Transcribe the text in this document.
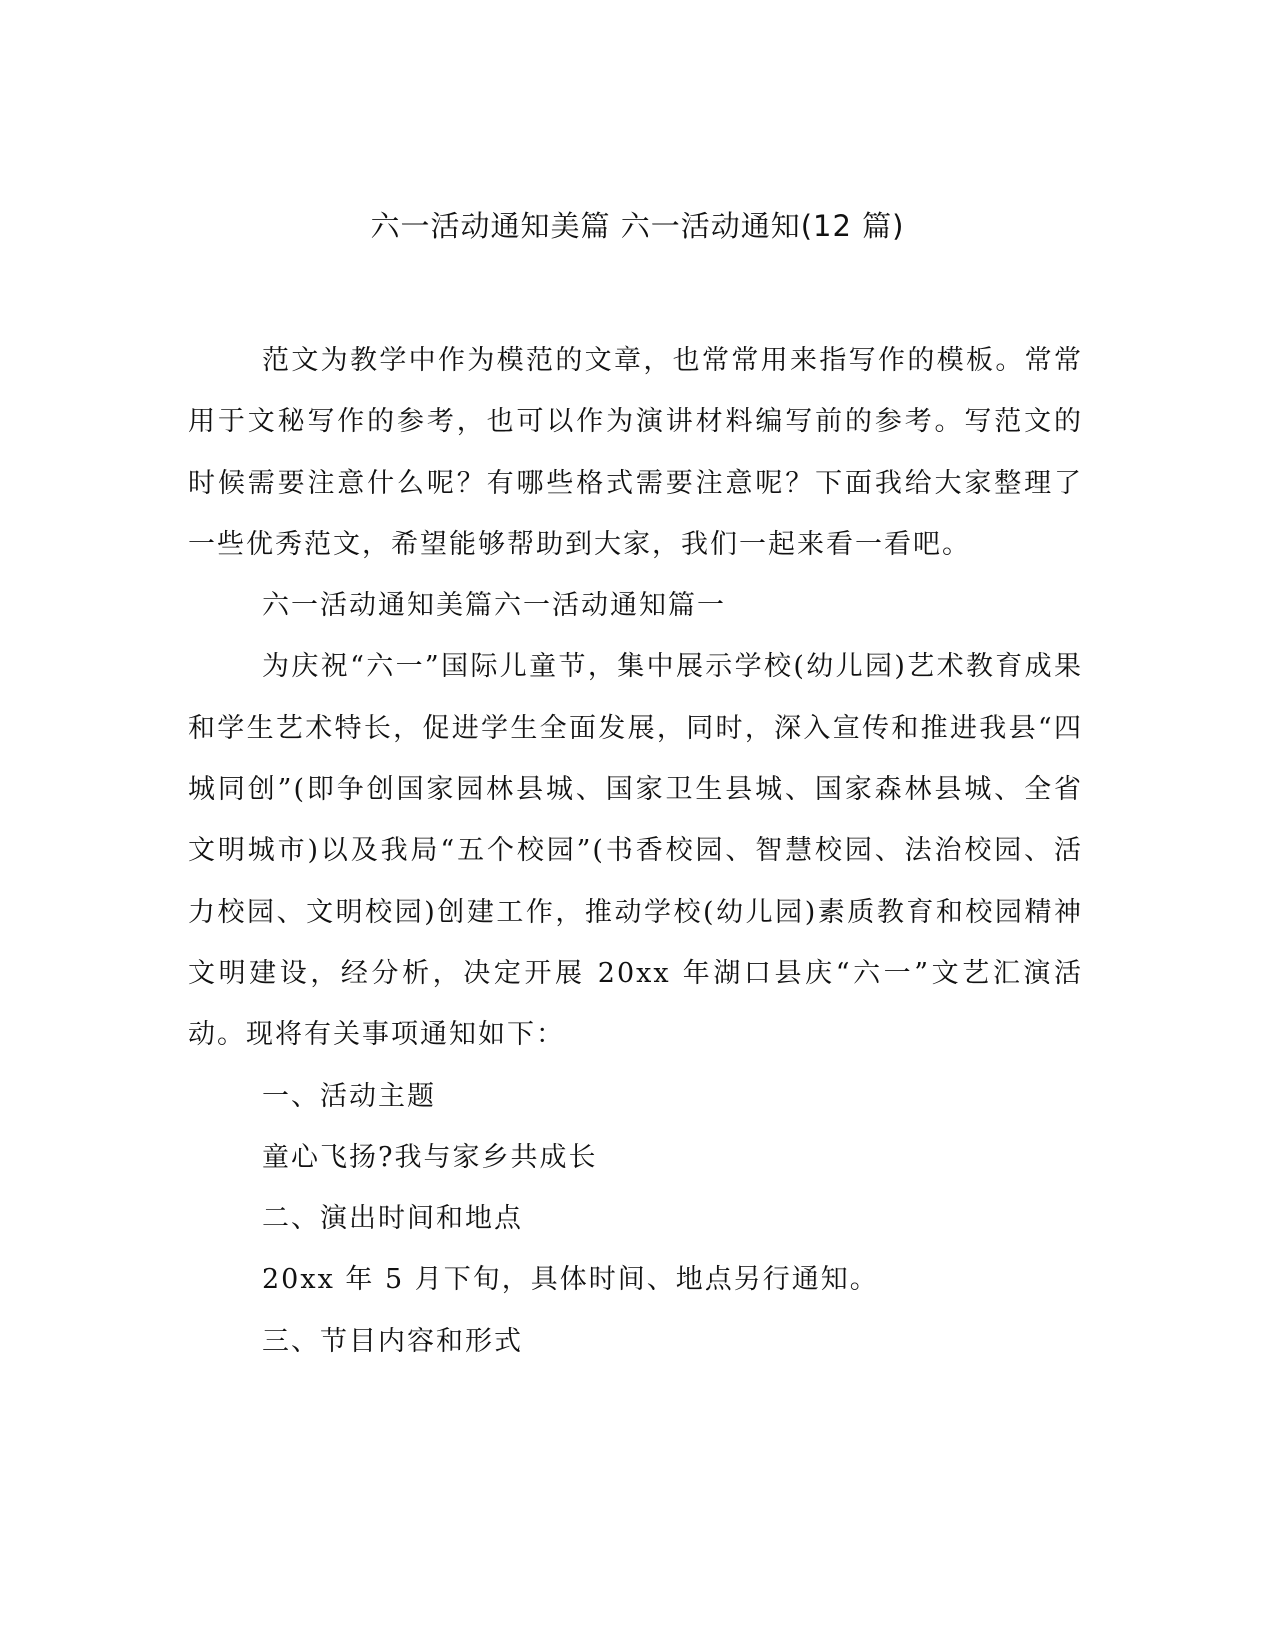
六一活动通知美篇 六一活动通知(12 篇)

范文为教学中作为模范的文章，也常常用来指写作的模板。常常用于文秘写作的参考，也可以作为演讲材料编写前的参考。写范文的时候需要注意什么呢？有哪些格式需要注意呢？下面我给大家整理了一些优秀范文，希望能够帮助到大家，我们一起来看一看吧。

六一活动通知美篇六一活动通知篇一

为庆祝“六一”国际儿童节，集中展示学校(幼儿园)艺术教育成果和学生艺术特长，促进学生全面发展，同时，深入宣传和推进我县“四城同创”(即争创国家园林县城、国家卫生县城、国家森林县城、全省文明城市)以及我局“五个校园”(书香校园、智慧校园、法治校园、活力校园、文明校园)创建工作，推动学校(幼儿园)素质教育和校园精神文明建设，经分析，决定开展 20xx 年湖口县庆“六一”文艺汇演活动。现将有关事项通知如下：

一、活动主题

童心飞扬?我与家乡共成长

二、演出时间和地点

20xx 年 5 月下旬，具体时间、地点另行通知。

三、节目内容和形式
